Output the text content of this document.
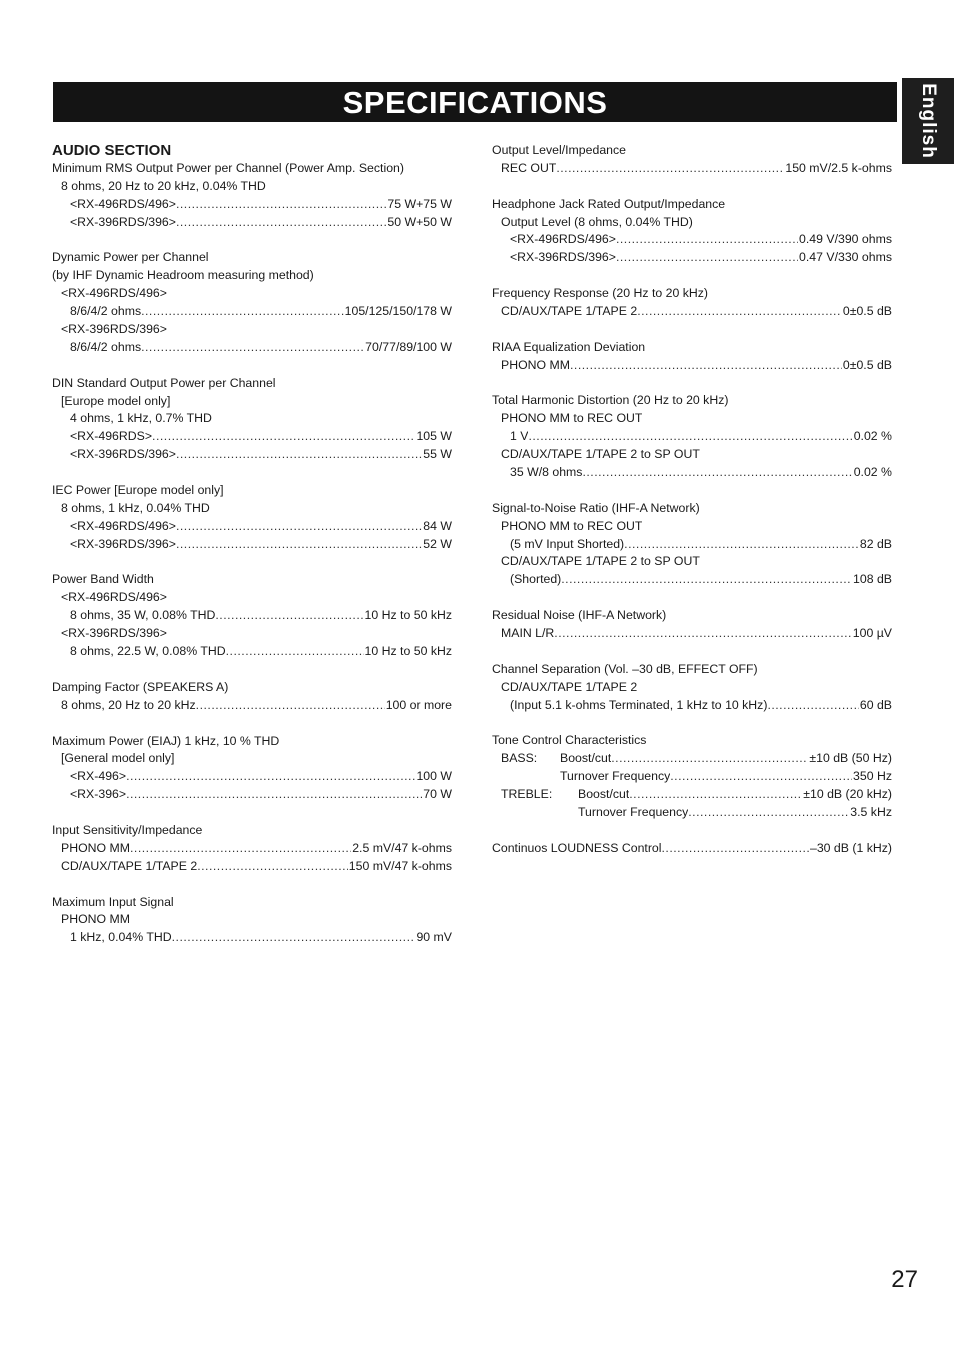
SPECIFICATIONS	English
AUDIO SECTION
Minimum RMS Output Power per Channel (Power Amp. Section)
8 ohms, 20 Hz to 20 kHz, 0.04% THD
<RX-496RDS/496> .....	75 W+75 W
<RX-396RDS/396> .....	50 W+50 W
Dynamic Power per Channel
(by IHF Dynamic Headroom measuring method)
<RX-496RDS/496>
8/6/4/2 ohms .....	105/125/150/178 W
<RX-396RDS/396>
8/6/4/2 ohms .....	70/77/89/100 W
DIN Standard Output Power per Channel
[Europe model only]
4 ohms, 1 kHz, 0.7% THD
<RX-496RDS> .....	105 W
<RX-396RDS/396> .....	55 W
IEC Power [Europe model only]
8 ohms, 1 kHz, 0.04% THD
<RX-496RDS/496> .....	84 W
<RX-396RDS/396> .....	52 W
Power Band Width
<RX-496RDS/496>
8 ohms, 35 W, 0.08% THD .....	10 Hz to 50 kHz
<RX-396RDS/396>
8 ohms, 22.5 W, 0.08% THD .....	10 Hz to 50 kHz
Damping Factor (SPEAKERS A)
8 ohms, 20 Hz to 20 kHz .....	100 or more
Maximum Power (EIAJ) 1 kHz, 10 % THD
[General model only]
<RX-496> .....	100 W
<RX-396> .....	70 W
Input Sensitivity/Impedance
PHONO MM .....	2.5 mV/47 k-ohms
CD/AUX/TAPE 1/TAPE 2 .....	150 mV/47 k-ohms
Maximum Input Signal
PHONO MM
1 kHz, 0.04% THD .....	90 mV
Output Level/Impedance
REC OUT .....	150 mV/2.5 k-ohms
Headphone Jack Rated Output/Impedance
Output Level (8 ohms, 0.04% THD)
<RX-496RDS/496> .....	0.49 V/390 ohms
<RX-396RDS/396> .....	0.47 V/330 ohms
Frequency Response (20 Hz to 20 kHz)
CD/AUX/TAPE 1/TAPE 2 .....	0±0.5 dB
RIAA Equalization Deviation
PHONO MM .....	0±0.5 dB
Total Harmonic Distortion (20 Hz to 20 kHz)
PHONO MM to REC OUT
1 V .....	0.02 %
CD/AUX/TAPE 1/TAPE 2 to SP OUT
35 W/8 ohms .....	0.02 %
Signal-to-Noise Ratio (IHF-A Network)
PHONO MM to REC OUT
(5 mV Input Shorted) .....	82 dB
CD/AUX/TAPE 1/TAPE 2 to SP OUT
(Shorted) .....	108 dB
Residual Noise (IHF-A Network)
MAIN L/R .....	100 µV
Channel Separation (Vol. –30 dB, EFFECT OFF)
CD/AUX/TAPE 1/TAPE 2
(Input 5.1 k-ohms Terminated, 1 kHz to 10 kHz) .....	60 dB
Tone Control Characteristics
BASS:	Boost/cut .....	±10 dB (50 Hz)
Turnover Frequency .....	350 Hz
TREBLE:	Boost/cut .....	±10 dB (20 kHz)
Turnover Frequency .....	3.5 kHz
Continuos LOUDNESS Control .....	–30 dB (1 kHz)
27
